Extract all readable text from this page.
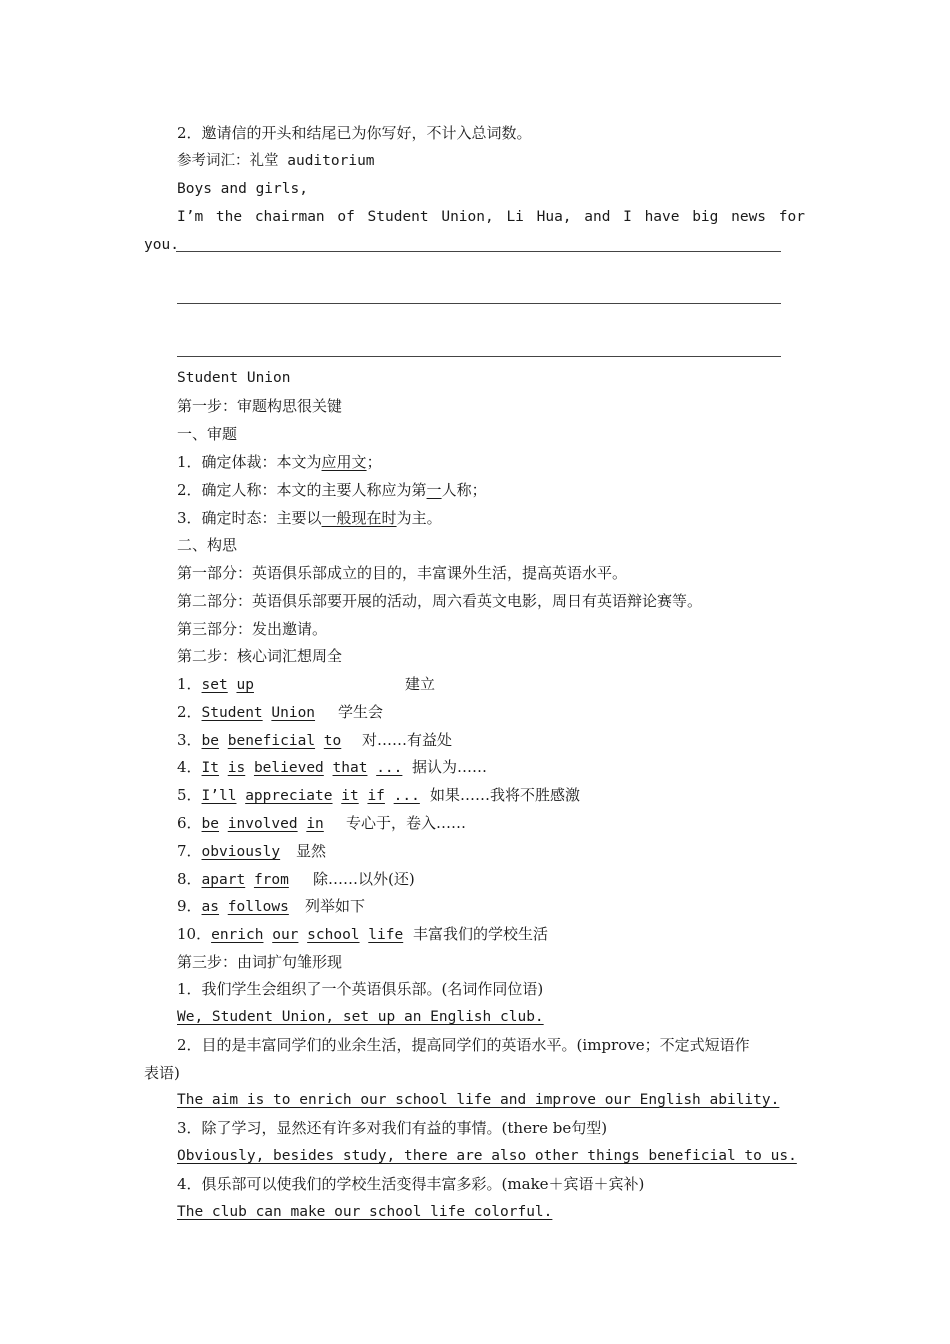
2．邀请信的开头和结尾已为你写好，不计入总词数。
参考词汇：礼堂 auditorium
Boys and girls,
I’m the chairman of Student Union, Li Hua, and I have big news for
you.
Student Union
第一步：审题构思很关键
一、审题
1．确定体裁：本文为应用文；
2．确定人称：本文的主要人称应为第一人称；
3．确定时态：主要以一般现在时为主。
二、构思
第一部分：英语俱乐部成立的目的，丰富课外生活，提高英语水平。
第二部分：英语俱乐部要开展的活动，周六看英文电影，周日有英语辩论赛等。
第三部分：发出邀请。
第二步：核心词汇想周全
1．set up	建立
2．Student Union 学生会
3．be beneficial to 对……有益处
4．It is believed that ... 据认为……
5．I’ll appreciate it if ... 如果……我将不胜感激
6．be involved in 专心于，卷入……
7．obviously 显然
8．apart from 除……以外(还)
9．as follows 列举如下
10．enrich our school life 丰富我们的学校生活
第三步：由词扩句雏形现
1．我们学生会组织了一个英语俱乐部。(名词作同位语)
We, Student Union, set up an English club.
2．目的是丰富同学们的业余生活，提高同学们的英语水平。(improve；不定式短语作
表语)
The aim is to enrich our school life and improve our English ability.
3．除了学习，显然还有许多对我们有益的事情。(there be句型)
Obviously, besides study, there are also other things beneficial to us.
4．俱乐部可以使我们的学校生活变得丰富多彩。(make＋宾语＋宾补)
The club can make our school life colorful.
